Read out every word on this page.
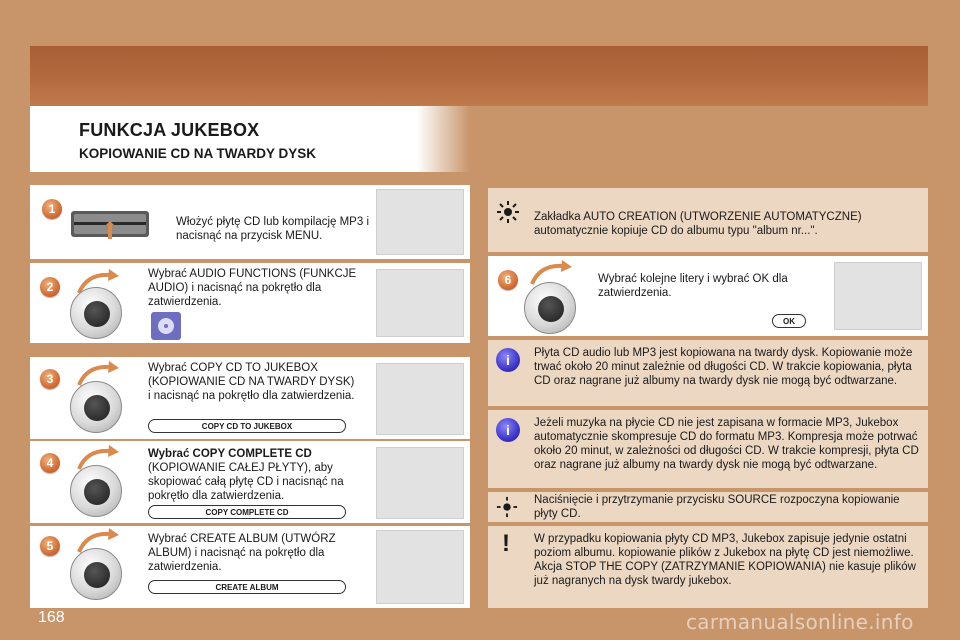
FUNKCJA JUKEBOX
KOPIOWANIE CD NA TWARDY DYSK
1
Włożyć płytę CD lub kompilację MP3 i nacisnąć na przycisk MENU.
2
Wybrać AUDIO FUNCTIONS (FUNKCJE AUDIO) i nacisnąć na pokrętło dla zatwierdzenia.
3
Wybrać COPY CD TO JUKEBOX (KOPIOWANIE CD NA TWARDY DYSK) i nacisnąć na pokrętło dla zatwierdzenia.
COPY CD TO JUKEBOX
4
Wybrać COPY COMPLETE CD
(KOPIOWANIE CAŁEJ PŁYTY), aby skopiować całą płytę CD i nacisnąć na pokrętło dla zatwierdzenia.
COPY COMPLETE CD
5	Wybrać CREATE ALBUM (UTWÓRZ ALBUM) i nacisnąć na pokrętło dla zatwierdzenia.
CREATE ALBUM
Zakładka AUTO CREATION (UTWORZENIE AUTOMATYCZNE) automatycznie kopiuje CD do albumu typu "album nr...".
6	Wybrać kolejne litery i wybrać OK dla zatwierdzenia.
OK
i	Płyta CD audio lub MP3 jest kopiowana na twardy dysk. Kopiowanie może trwać około 20 minut zależnie od długości CD. W trakcie kopiowania, płyta CD oraz nagrane już albumy na twardy dysk nie mogą być odtwarzane.
i	Jeżeli muzyka na płycie CD nie jest zapisana w formacie MP3, Jukebox automatycznie skompresuje CD do formatu MP3. Kompresja może potrwać około 20 minut, w zależności od długości CD. W trakcie kompresji, płyta CD oraz nagrane już albumy na twardy dysk nie mogą być odtwarzane.
Naciśnięcie i przytrzymanie przycisku SOURCE rozpoczyna kopiowanie płyty CD.
! W przypadku kopiowania płyty CD MP3, Jukebox zapisuje jedynie ostatni poziom albumu. kopiowanie plików z Jukebox na płytę CD jest niemożliwe. Akcja STOP THE COPY (ZATRZYMANIE KOPIOWANIA) nie kasuje plików już nagranych na dysk twardy jukebox.
168	carmanualsonline.info
